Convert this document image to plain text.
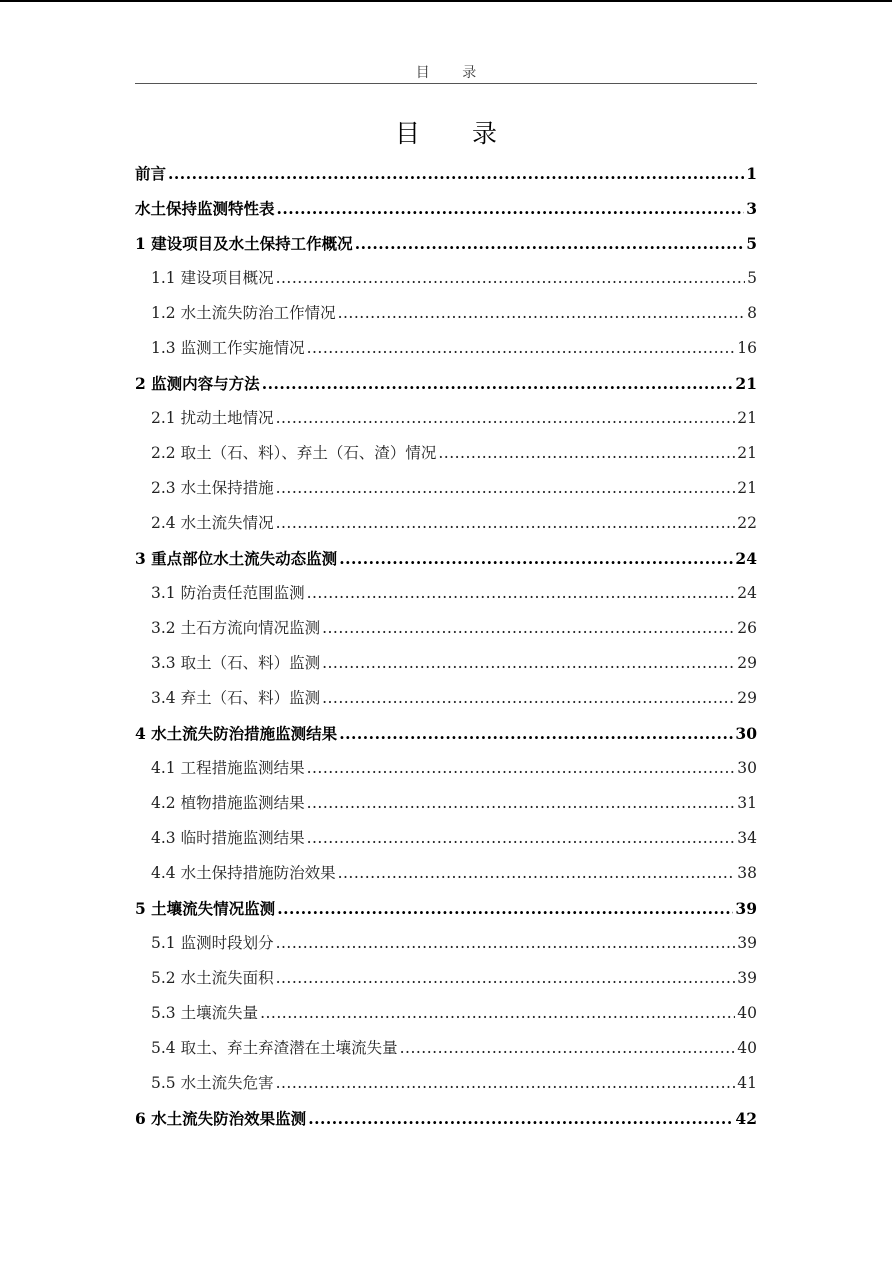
目 录
目 录
前言 .....	1
水土保持监测特性表 .....	3
1 建设项目及水土保持工作概况 .....	5
1.1 建设项目概况 .....	5
1.2 水土流失防治工作情况 .....	8
1.3 监测工作实施情况 .....	16
2 监测内容与方法 .....	21
2.1 扰动土地情况 .....	21
2.2 取土（石、料）、弃土（石、渣）情况 .....	21
2.3 水土保持措施 .....	21
2.4 水土流失情况 .....	22
3 重点部位水土流失动态监测 .....	24
3.1 防治责任范围监测 .....	24
3.2 土石方流向情况监测 .....	26
3.3 取土（石、料）监测 .....	29
3.4 弃土（石、料）监测 .....	29
4 水土流失防治措施监测结果 .....	30
4.1 工程措施监测结果 .....	30
4.2 植物措施监测结果 .....	31
4.3 临时措施监测结果 .....	34
4.4 水土保持措施防治效果 .....	38
5 土壤流失情况监测 .....	39
5.1 监测时段划分 .....	39
5.2 水土流失面积 .....	39
5.3 土壤流失量 .....	40
5.4 取土、弃土弃渣潜在土壤流失量 .....	40
5.5 水土流失危害 .....	41
6 水土流失防治效果监测 .....	42
